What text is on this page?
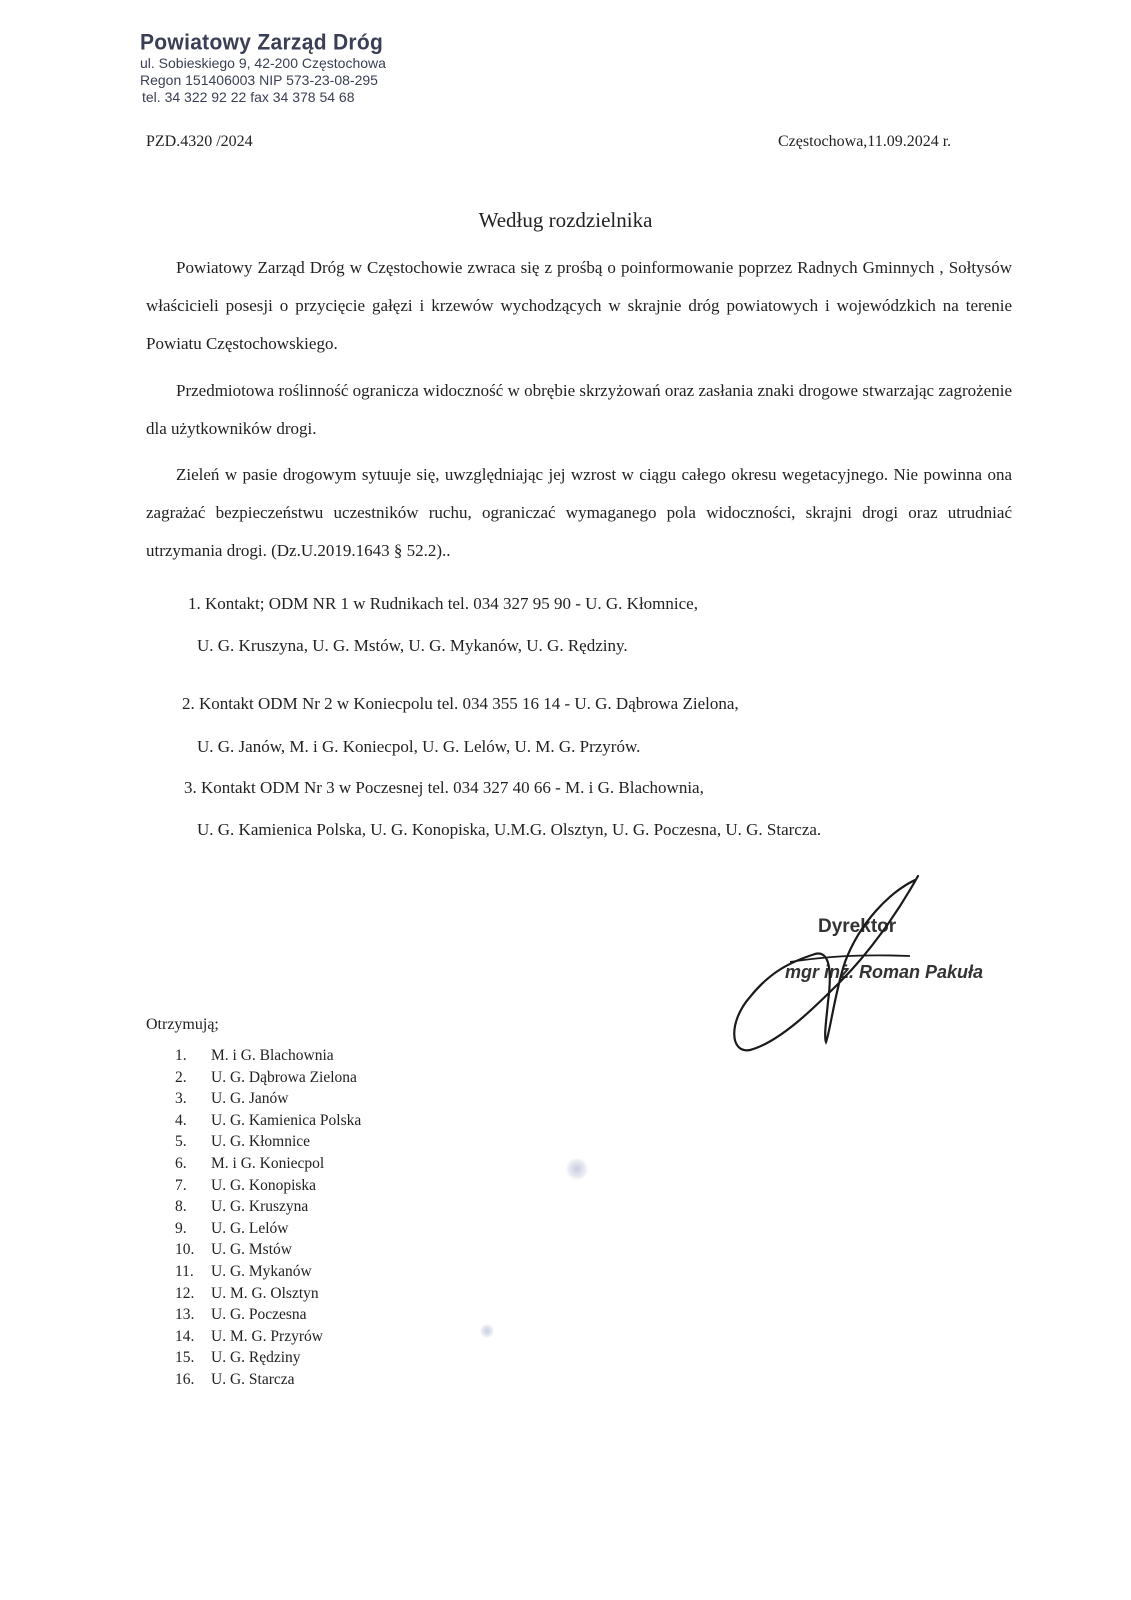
Powiatowy Zarząd Dróg
ul. Sobieskiego 9, 42-200 Częstochowa
Regon 151406003 NIP 573-23-08-295
tel. 34 322 92 22 fax 34 378 54 68
PZD.4320 /2024	Częstochowa,11.09.2024 r.
Według rozdzielnika
Powiatowy Zarząd Dróg w Częstochowie zwraca się z prośbą o poinformowanie poprzez Radnych Gminnych , Sołtysów właścicieli posesji o przycięcie gałęzi i krzewów wychodzących w skrajnie dróg powiatowych i wojewódzkich na terenie Powiatu Częstochowskiego.
Przedmiotowa roślinność ogranicza widoczność w obrębie skrzyżowań oraz zasłania znaki drogowe stwarzając zagrożenie dla użytkowników drogi.
Zieleń w pasie drogowym sytuuje się, uwzględniając jej wzrost w ciągu całego okresu wegetacyjnego. Nie powinna ona zagrażać bezpieczeństwu uczestników ruchu, ograniczać wymaganego pola widoczności, skrajni drogi oraz utrudniać utrzymania drogi. (Dz.U.2019.1643 § 52.2)..
1. Kontakt; ODM NR 1 w Rudnikach tel. 034 327 95 90 - U. G. Kłomnice,
U. G. Kruszyna, U. G. Mstów, U. G. Mykanów, U. G. Rędziny.
2. Kontakt ODM Nr 2 w Koniecpolu tel. 034 355 16 14 - U. G. Dąbrowa Zielona,
U. G. Janów, M. i G. Koniecpol, U. G. Lelów, U. M. G. Przyrów.
3. Kontakt ODM Nr 3 w Poczesnej tel. 034 327 40 66 - M. i G. Blachownia,
U. G. Kamienica Polska, U. G. Konopiska, U.M.G. Olsztyn, U. G. Poczesna, U. G. Starcza.
Dyrektor
mgr inż. Roman Pakuła
Otrzymują;
1. M. i G. Blachownia
2. U. G. Dąbrowa Zielona
3. U. G. Janów
4. U. G. Kamienica Polska
5. U. G. Kłomnice
6. M. i G. Koniecpol
7. U. G. Konopiska
8. U. G. Kruszyna
9. U. G. Lelów
10. U. G. Mstów
11. U. G. Mykanów
12. U. M. G. Olsztyn
13. U. G. Poczesna
14. U. M. G. Przyrów
15. U. G. Rędziny
16. U. G. Starcza
